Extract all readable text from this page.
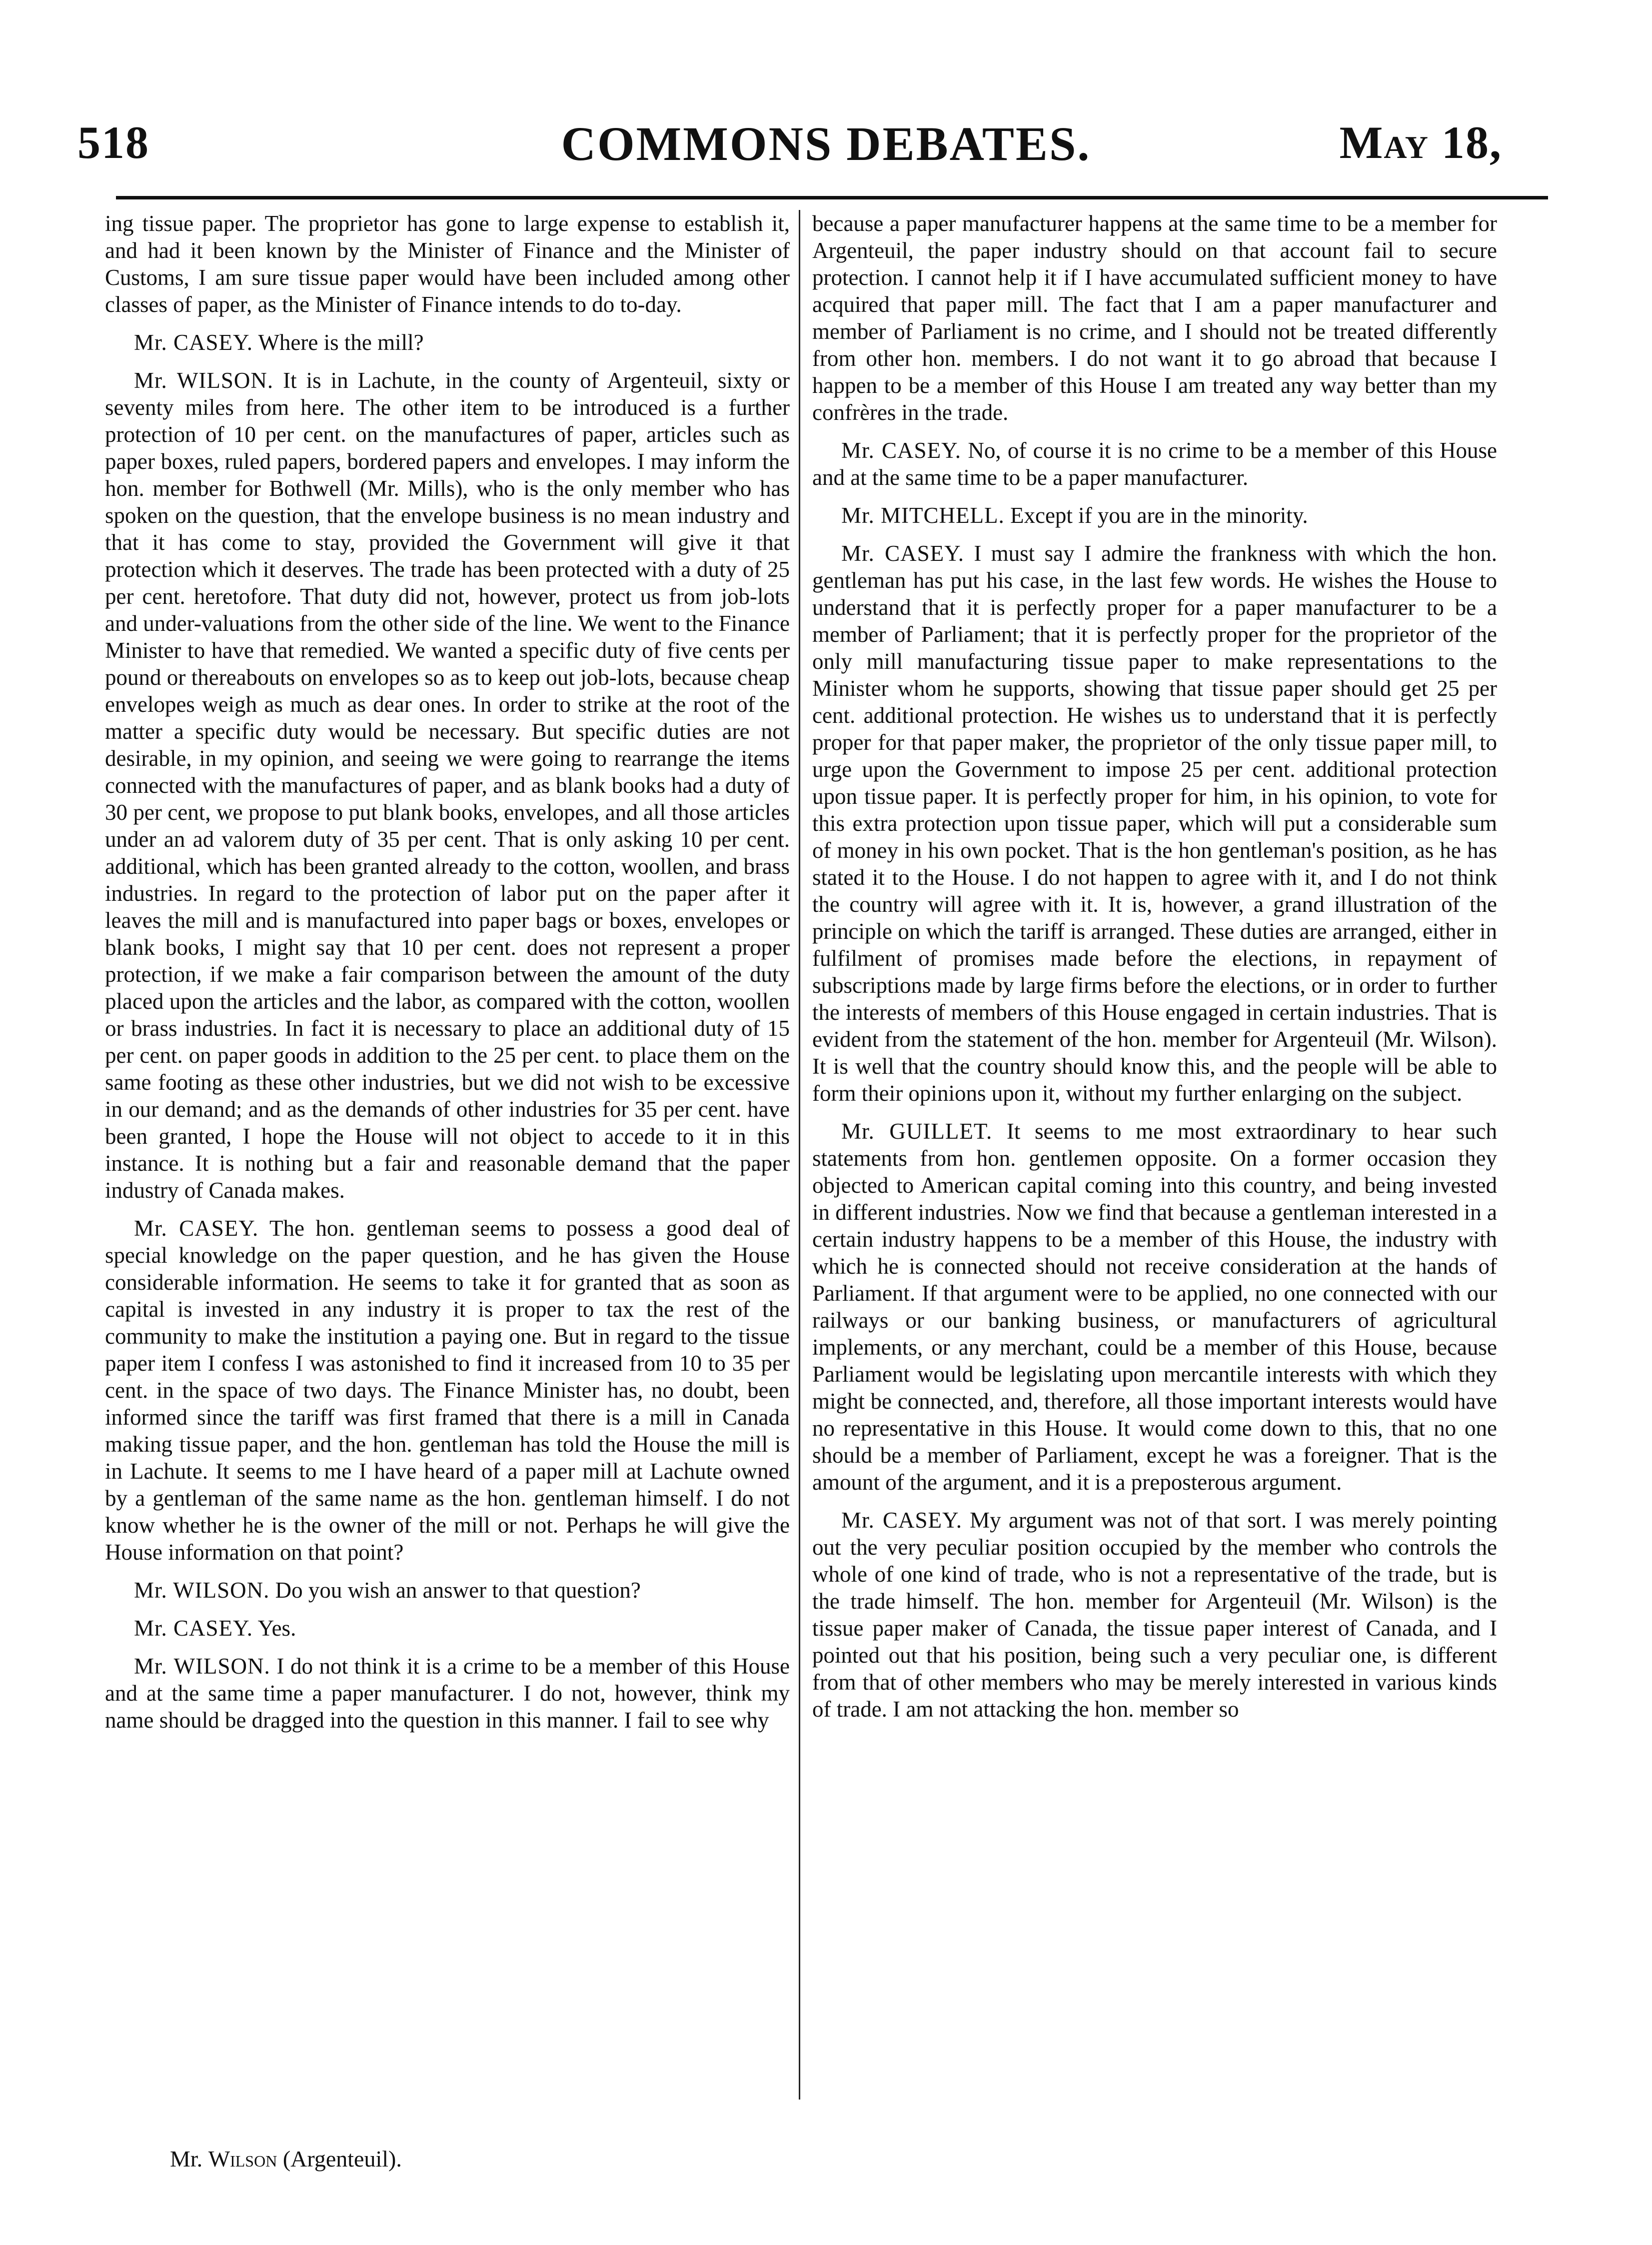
518	COMMONS DEBATES.	May 18,

ing tissue paper. The proprietor has gone to large expense to establish it, and had it been known by the Minister of Finance and the Minister of Customs, I am sure tissue paper would have been included among other classes of paper, as the Minister of Finance intends to do to-day.

Mr. CASEY. Where is the mill?

Mr. WILSON. It is in Lachute, in the county of Argenteuil, sixty or seventy miles from here. The other item to be introduced is a further protection of 10 per cent. on the manufactures of paper, articles such as paper boxes, ruled papers, bordered papers and envelopes. I may inform the hon. member for Bothwell (Mr. Mills), who is the only member who has spoken on the question, that the envelope business is no mean industry and that it has come to stay, provided the Government will give it that protection which it deserves. The trade has been protected with a duty of 25 per cent. heretofore. That duty did not, however, protect us from job-lots and under-valuations from the other side of the line. We went to the Finance Minister to have that remedied. We wanted a specific duty of five cents per pound or thereabouts on envelopes so as to keep out job-lots, because cheap envelopes weigh as much as dear ones. In order to strike at the root of the matter a specific duty would be necessary. But specific duties are not desirable, in my opinion, and seeing we were going to rearrange the items connected with the manufactures of paper, and as blank books had a duty of 30 per cent, we propose to put blank books, envelopes, and all those articles under an ad valorem duty of 35 per cent. That is only asking 10 per cent. additional, which has been granted already to the cotton, woollen, and brass industries. In regard to the protection of labor put on the paper after it leaves the mill and is manufactured into paper bags or boxes, envelopes or blank books, I might say that 10 per cent. does not represent a proper protection, if we make a fair comparison between the amount of the duty placed upon the articles and the labor, as compared with the cotton, woollen or brass industries. In fact it is necessary to place an additional duty of 15 per cent. on paper goods in addition to the 25 per cent. to place them on the same footing as these other industries, but we did not wish to be excessive in our demand; and as the demands of other industries for 35 per cent. have been granted, I hope the House will not object to accede to it in this instance. It is nothing but a fair and reasonable demand that the paper industry of Canada makes.

Mr. CASEY. The hon. gentleman seems to possess a good deal of special knowledge on the paper question, and he has given the House considerable information. He seems to take it for granted that as soon as capital is invested in any industry it is proper to tax the rest of the community to make the institution a paying one. But in regard to the tissue paper item I confess I was astonished to find it increased from 10 to 35 per cent. in the space of two days. The Finance Minister has, no doubt, been informed since the tariff was first framed that there is a mill in Canada making tissue paper, and the hon. gentleman has told the House the mill is in Lachute. It seems to me I have heard of a paper mill at Lachute owned by a gentleman of the same name as the hon. gentleman himself. I do not know whether he is the owner of the mill or not. Perhaps he will give the House information on that point?

Mr. WILSON. Do you wish an answer to that question?

Mr. CASEY. Yes.

Mr. WILSON. I do not think it is a crime to be a member of this House and at the same time a paper manufacturer. I do not, however, think my name should be dragged into the question in this manner. I fail to see why

because a paper manufacturer happens at the same time to be a member for Argenteuil, the paper industry should on that account fail to secure protection. I cannot help it if I have accumulated sufficient money to have acquired that paper mill. The fact that I am a paper manufacturer and member of Parliament is no crime, and I should not be treated differently from other hon. members. I do not want it to go abroad that because I happen to be a member of this House I am treated any way better than my confrères in the trade.

Mr. CASEY. No, of course it is no crime to be a member of this House and at the same time to be a paper manufacturer.

Mr. MITCHELL. Except if you are in the minority.

Mr. CASEY. I must say I admire the frankness with which the hon. gentleman has put his case, in the last few words. He wishes the House to understand that it is perfectly proper for a paper manufacturer to be a member of Parliament; that it is perfectly proper for the proprietor of the only mill manufacturing tissue paper to make representations to the Minister whom he supports, showing that tissue paper should get 25 per cent. additional protection. He wishes us to understand that it is perfectly proper for that paper maker, the proprietor of the only tissue paper mill, to urge upon the Government to impose 25 per cent. additional protection upon tissue paper. It is perfectly proper for him, in his opinion, to vote for this extra protection upon tissue paper, which will put a considerable sum of money in his own pocket. That is the hon gentleman's position, as he has stated it to the House. I do not happen to agree with it, and I do not think the country will agree with it. It is, however, a grand illustration of the principle on which the tariff is arranged. These duties are arranged, either in fulfilment of promises made before the elections, in repayment of subscriptions made by large firms before the elections, or in order to further the interests of members of this House engaged in certain industries. That is evident from the statement of the hon. member for Argenteuil (Mr. Wilson). It is well that the country should know this, and the people will be able to form their opinions upon it, without my further enlarging on the subject.

Mr. GUILLET. It seems to me most extraordinary to hear such statements from hon. gentlemen opposite. On a former occasion they objected to American capital coming into this country, and being invested in different industries. Now we find that because a gentleman interested in a certain industry happens to be a member of this House, the industry with which he is connected should not receive consideration at the hands of Parliament. If that argument were to be applied, no one connected with our railways or our banking business, or manufacturers of agricultural implements, or any merchant, could be a member of this House, because Parliament would be legislating upon mercantile interests with which they might be connected, and, therefore, all those important interests would have no representative in this House. It would come down to this, that no one should be a member of Parliament, except he was a foreigner. That is the amount of the argument, and it is a preposterous argument.

Mr. CASEY. My argument was not of that sort. I was merely pointing out the very peculiar position occupied by the member who controls the whole of one kind of trade, who is not a representative of the trade, but is the trade himself. The hon. member for Argenteuil (Mr. Wilson) is the tissue paper maker of Canada, the tissue paper interest of Canada, and I pointed out that his position, being such a very peculiar one, is different from that of other members who may be merely interested in various kinds of trade. I am not attacking the hon. member so

Mr. Wilson (Argenteuil).
